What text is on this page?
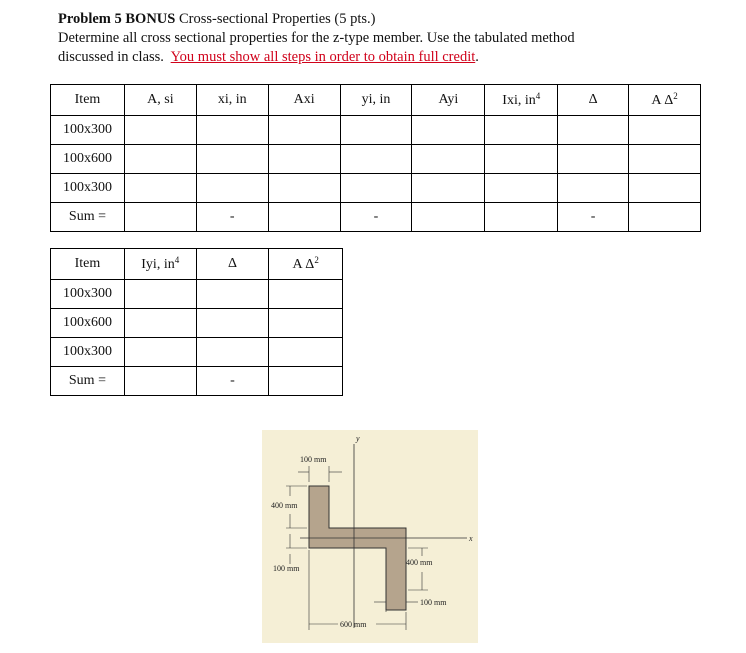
Problem 5 BONUS Cross-sectional Properties (5 pts.)
Determine all cross sectional properties for the z-type member. Use the tabulated method
discussed in class. You must show all steps in order to obtain full credit.
Item	A, si	xi, in	Axi	yi, in	Ayi	Ixi, $in^4$	Δ	A $\Delta^2$
100x300								
100x600								
100x300								
Sum =		-		-			-	
Item	Iyi, $in^4$	Δ	A $\Delta^2$
100x300			
100x600			
100x300			
Sum =		-	
y
x
100 mm
400 mm
100 mm
400 mm
100 mm
600 mm
